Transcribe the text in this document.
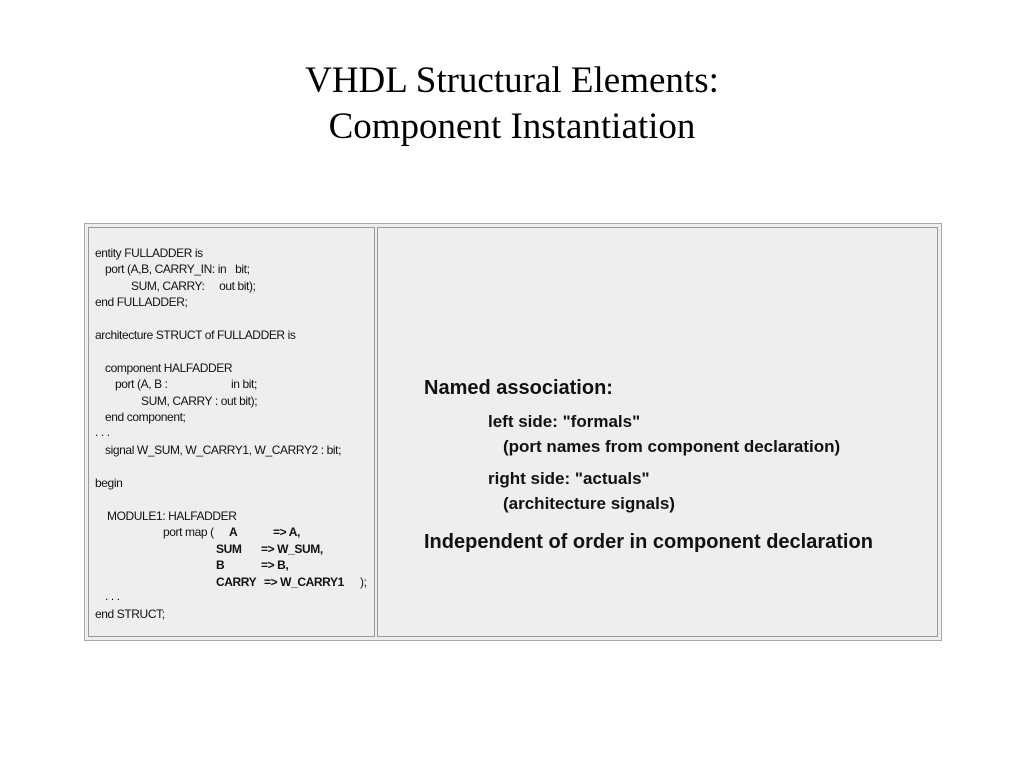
VHDL Structural Elements:
Component Instantiation
entity FULLADDER is
port (A,B, CARRY_IN: in   bit;
SUM, CARRY:     out bit);
end FULLADDER;
architecture STRUCT of FULLADDER is
component HALFADDER
port (A, B :	in bit;
SUM, CARRY : out bit);
end component;
. . .
signal W_SUM, W_CARRY1, W_CARRY2 : bit;
begin
MODULE1: HALFADDER
port map ( A	=> A,
SUM => W_SUM,
B	=> B,
CARRY => W_CARRY1 );
. . .
end STRUCT;
Named association:
left side: "formals"
(port names from component declaration)
right side: "actuals"
(architecture signals)
Independent of order in component declaration
